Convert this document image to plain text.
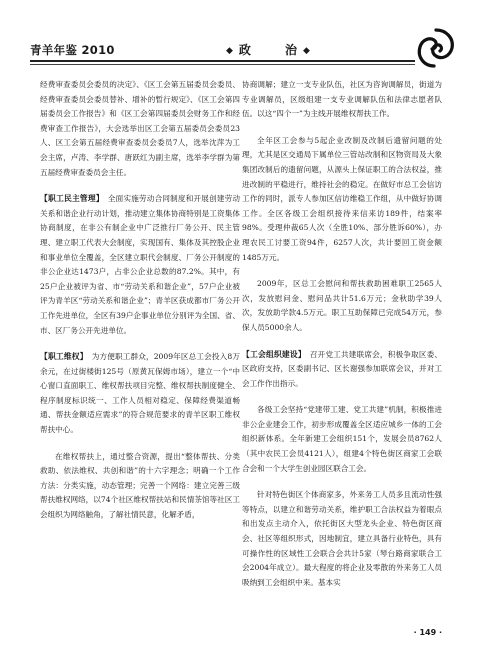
青羊年鉴 2010	◆ 政	治 ◆

经费审查委员会委员的决定》、《区工会第五届委员会委员、经费审查委员会委员替补、增补的暂行规定》、《区工会第四届委员会工作报告》和《区工会第四届委员会财务工作和经费审查工作报告》，大会选举出区工会第五届委员会委员23人、区工会第五届经费审查委员会委员7人，选举沈萍为工会主席，卢涛、李学群、唐跃红为副主席，选举李学群为第五届经费审查委员会主任。

【职工民主管理】 全面实施劳动合同制度和开展创建劳动关系和谐企业行动计划，推动建立集体协商特别是工资集体协商制度，在非公有制企业中广泛推行厂务公开、民主管理、建立职工代表大会制度，实现国有、集体及其控股企业和事业单位全覆盖，全区建立职代会制度、厂务公开制度的非公企业达1473户，占非公企业总数的87.2%。其中，有25户企业被评为省、市“劳动关系和谐企业”，57户企业被评为青羊区“劳动关系和谐企业”；青羊区获成都市厂务公开工作先进单位，全区有39户企事业单位分别评为全国、省、市、区厂务公开先进单位。

【职工维权】 为方便职工群众，2009年区总工会投入8万余元，在过街楼街125号（原黄瓦保姆市场），建立一个“中心窗口直面职工、维权帮扶项目完整、维权帮扶制度健全、程序制度标识统一、工作人员相对稳定、保障经费渠道畅通、帮扶金额适应需求”的符合规范要求的青羊区职工维权帮扶中心。

在维权帮扶上，通过整合资源，提出“整体帮扶、分类救助、依法维权、共创和谐”的十六字理念；明确一个工作方法：分类实施，动态管理；完善一个网络：建立完善三级帮扶维权网络，以74个社区维权帮扶站和民情茶馆等社区工会组织为网络触角，了解社情民意，化解矛盾，

协商调解；建立一支专业队伍，社区为咨询调解员，街道为专业调解员，区级组建一支专业调解队伍和法律志愿者队伍。以这“四个一”为主线开展维权帮扶工作。

全年区工会参与5起企业改制及改制后遗留问题的处理，尤其是区交通局下属单位三管站改制和区物资局及大象集团改制后的遗留问题，从源头上保证职工的合法权益，推进改制的平稳进行，维持社会的稳定。在做好市总工会信访工作的同时，派专人参加区信访维稳工作组，从中做好协调工作。全区各级工会组织接待来信来访189件，结案率98%。受理仲裁65人次（全胜10%、部分胜诉60%），办理农民工讨要工资94件，6257人次，共计要回工资金额1485万元。

2009年，区总工会慰问和帮扶救助困难职工2565人次，发放慰问金、慰问品共计51.6万元；金秋助学39人次，发放助学款4.5万元。职工互助保障已完成54万元，参保人员5000余人。

【工会组织建设】 召开党工共建联席会，积极争取区委、区政府支持，区委副书记、区长谢强参加联席会议，并对工会工作作出指示。

各级工会坚持“党建带工建、党工共建”机制，积极推进非公企业建会工作，初步形成覆盖全区适应城乡一体的工会组织新体系。全年新建工会组织151个，发展会员8762人（其中农民工会员4121人），组建4个特色街区商家工会联合会和一个大学生创业园区联合工会。

针对特色街区个体商家多，外来务工人员多且流动性强等特点，以建立和谐劳动关系，维护职工合法权益为着眼点和出发点主动介入，依托街区大型龙头企业、特色街区商会、社区等组织形式，因地制宜，建立具备行业特色，具有可操作性的区域性工会联合会共计5家（琴台路商家联合工会2004年成立）。最大程度的将企业及零散的外来务工人员吸纳到工会组织中来。基本实

· 149 ·
